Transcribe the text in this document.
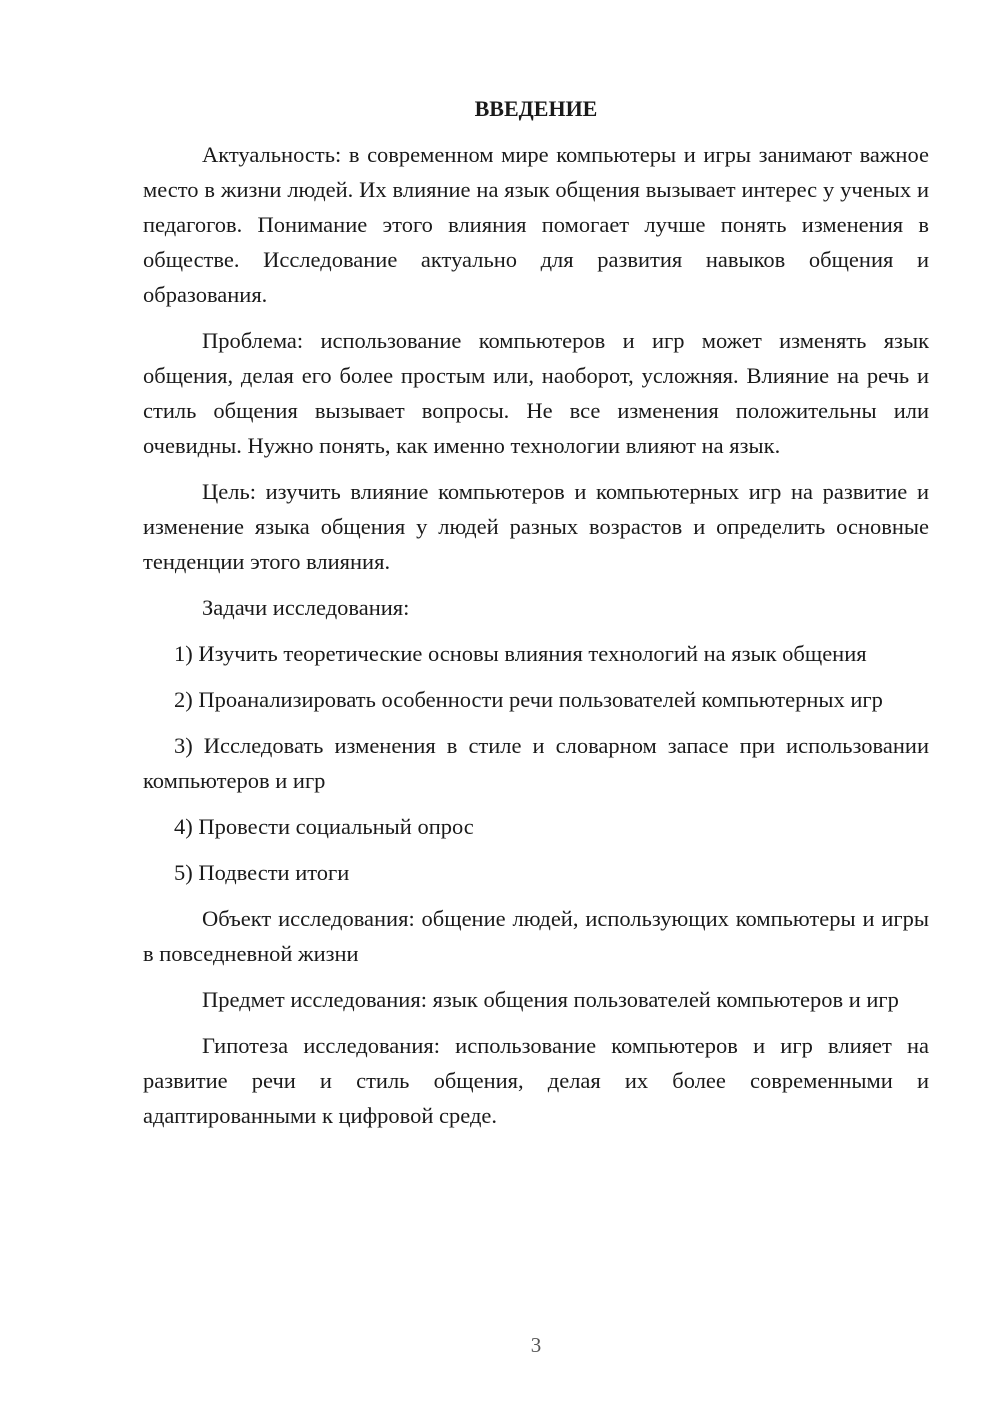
ВВЕДЕНИЕ

Актуальность: в современном мире компьютеры и игры занимают важное место в жизни людей. Их влияние на язык общения вызывает интерес у ученых и педагогов. Понимание этого влияния помогает лучше понять изменения в обществе. Исследование актуально для развития навыков общения и образования.

Проблема: использование компьютеров и игр может изменять язык общения, делая его более простым или, наоборот, усложняя. Влияние на речь и стиль общения вызывает вопросы. Не все изменения положительны или очевидны. Нужно понять, как именно технологии влияют на язык.

Цель: изучить влияние компьютеров и компьютерных игр на развитие и изменение языка общения у людей разных возрастов и определить основные тенденции этого влияния.

Задачи исследования:

1) Изучить теоретические основы влияния технологий на язык общения

2) Проанализировать особенности речи пользователей компьютерных игр

3) Исследовать изменения в стиле и словарном запасе при использовании компьютеров и игр

4) Провести социальный опрос

5) Подвести итоги

Объект исследования: общение людей, использующих компьютеры и игры в повседневной жизни

Предмет исследования: язык общения пользователей компьютеров и игр

Гипотеза исследования: использование компьютеров и игр влияет на развитие речи и стиль общения, делая их более современными и адаптированными к цифровой среде.

3
